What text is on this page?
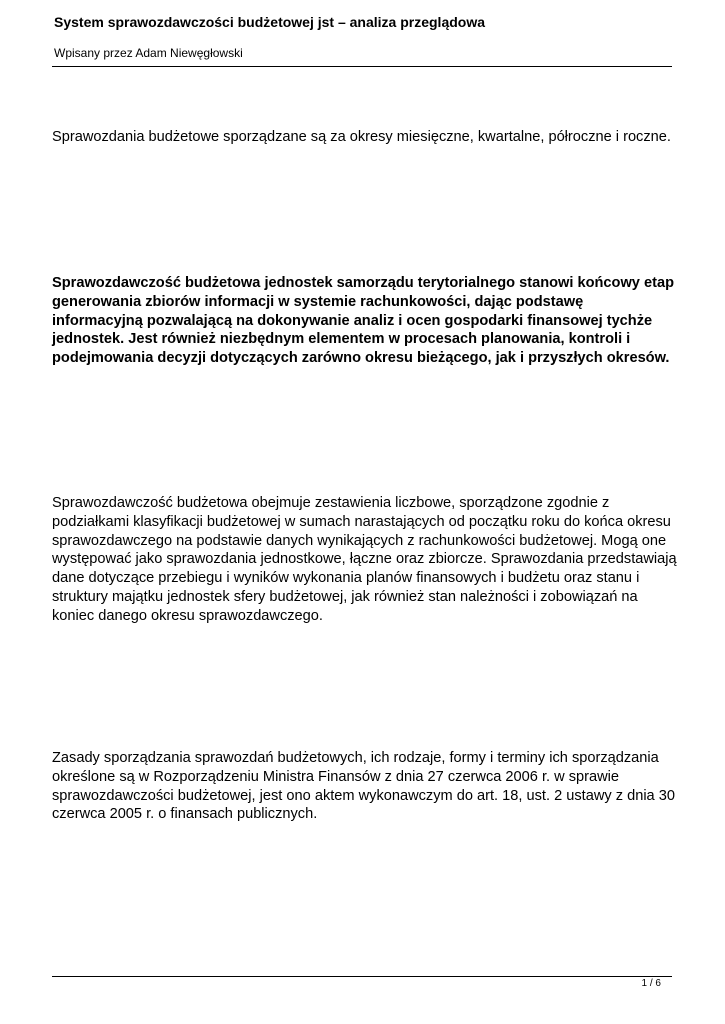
System sprawozdawczości budżetowej jst – analiza przeglądowa
Wpisany przez Adam Niewęgłowski

Sprawozdania budżetowe sporządzane są za okresy miesięczne, kwartalne, półroczne i roczne.

Sprawozdawczość budżetowa jednostek samorządu terytorialnego stanowi końcowy etap generowania zbiorów informacji w systemie rachunkowości, dając podstawę informacyjną pozwalającą na dokonywanie analiz i ocen gospodarki finansowej tychże jednostek. Jest również niezbędnym elementem w procesach planowania, kontroli i podejmowania decyzji dotyczących zarówno okresu bieżącego, jak i przyszłych okresów.

Sprawozdawczość budżetowa obejmuje zestawienia liczbowe, sporządzone zgodnie z podziałkami klasyfikacji budżetowej w sumach narastających od początku roku do końca okresu sprawozdawczego na podstawie danych wynikających z rachunkowości budżetowej. Mogą one występować jako sprawozdania jednostkowe, łączne oraz zbiorcze. Sprawozdania przedstawiają dane dotyczące przebiegu i wyników wykonania planów finansowych i budżetu oraz stanu i struktury majątku jednostek sfery budżetowej, jak również stan należności i zobowiązań na koniec danego okresu sprawozdawczego.

Zasady sporządzania sprawozdań budżetowych, ich rodzaje, formy i terminy ich sporządzania określone są w Rozporządzeniu Ministra Finansów z dnia 27 czerwca 2006 r. w sprawie sprawozdawczości budżetowej, jest ono aktem wykonawczym do art. 18, ust. 2 ustawy z dnia 30 czerwca 2005 r. o finansach publicznych.

1 / 6
